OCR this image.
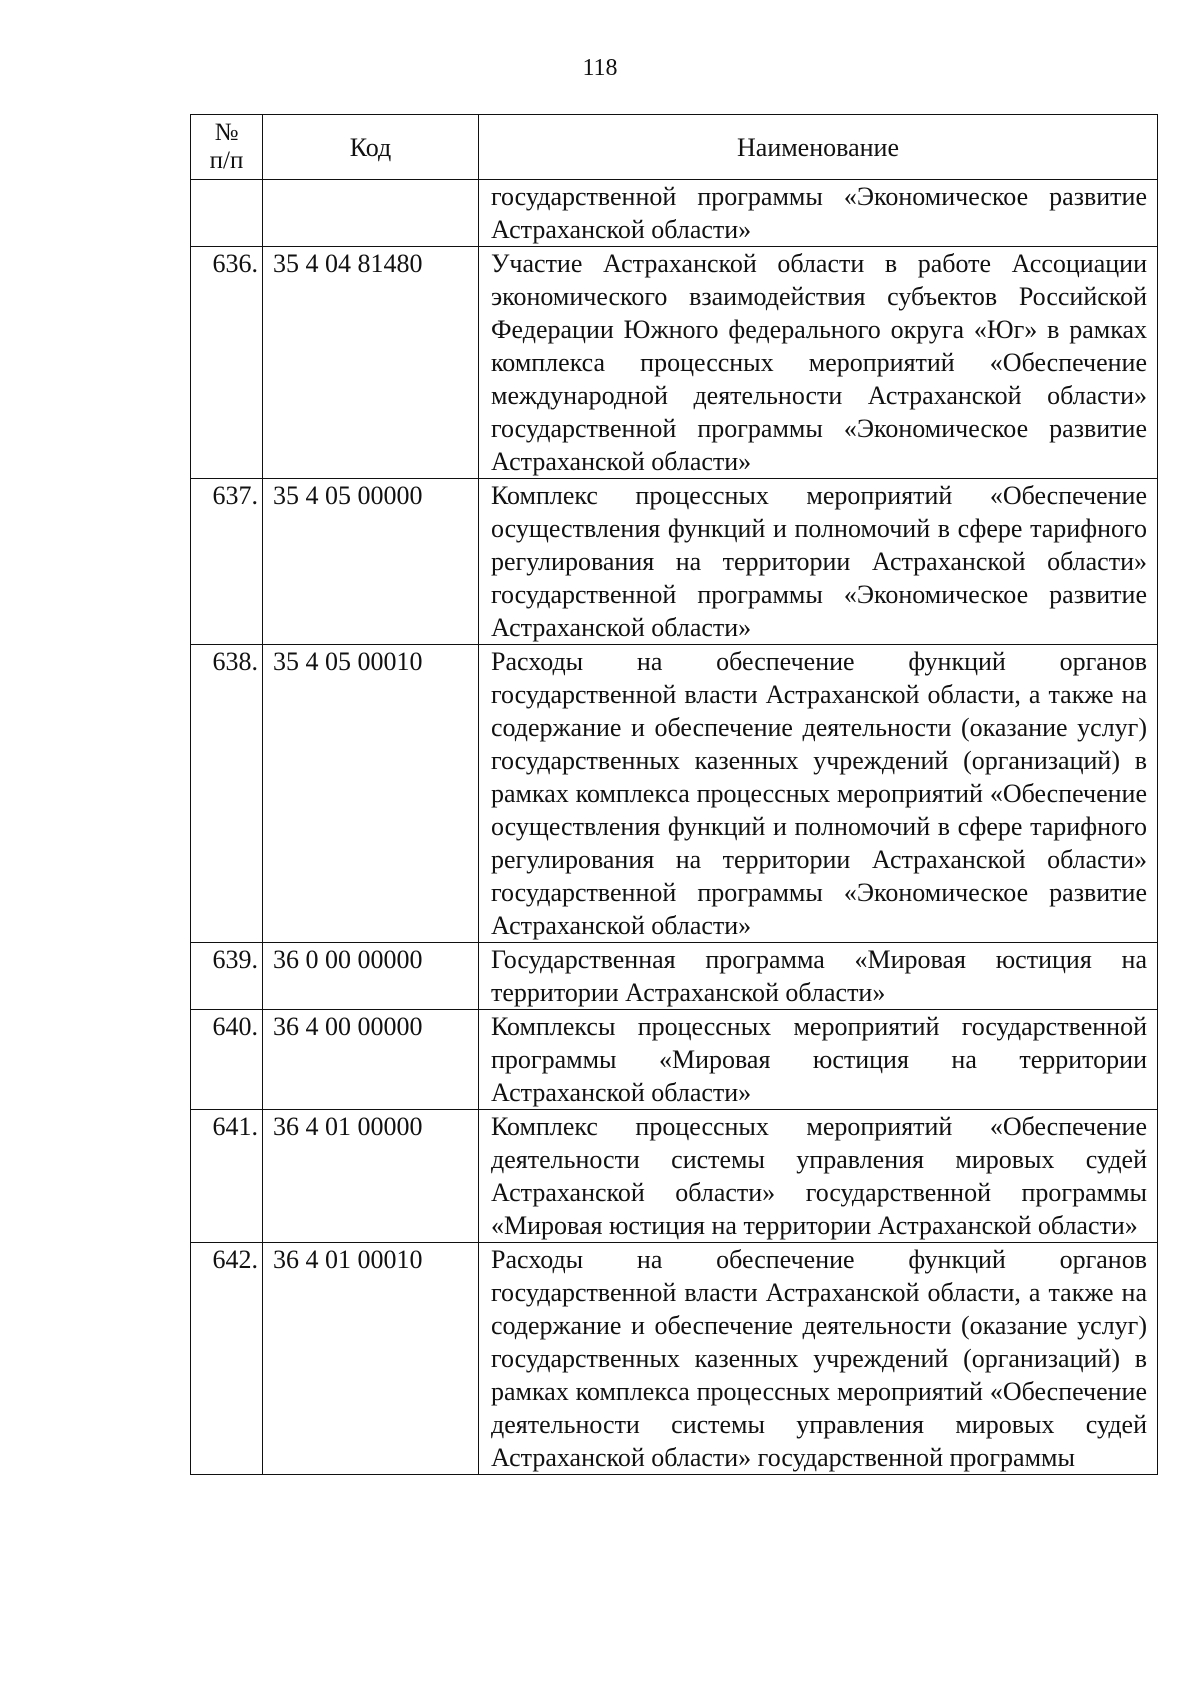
118
№
п/п	Код	Наименование
		государственной программы «Экономическое развитие Астраханской области»
636.	35 4 04 81480	Участие Астраханской области в работе Ассоциации экономического взаимодействия субъектов Российской Федерации Южного федерального округа «Юг» в рамках комплекса процессных мероприятий «Обеспечение международной деятельности Астраханской области» государственной программы «Экономическое развитие Астраханской области»
637.	35 4 05 00000	Комплекс процессных мероприятий «Обеспечение осуществления функций и полномочий в сфере тарифного регулирования на территории Астраханской области» государственной программы «Экономическое развитие Астраханской области»
638.	35 4 05 00010	Расходы на обеспечение функций органов государственной власти Астраханской области, а также на содержание и обеспечение деятельности (оказание услуг) государственных казенных учреждений (организаций) в рамках комплекса процессных мероприятий «Обеспечение осуществления функций и полномочий в сфере тарифного регулирования на территории Астраханской области» государственной программы «Экономическое развитие Астраханской области»
639.	36 0 00 00000	Государственная программа «Мировая юстиция на территории Астраханской области»
640.	36 4 00 00000	Комплексы процессных мероприятий государственной программы «Мировая юстиция на территории Астраханской области»
641.	36 4 01 00000	Комплекс процессных мероприятий «Обеспечение деятельности системы управления мировых судей Астраханской области» государственной программы «Мировая юстиция на территории Астраханской области»
642.	36 4 01 00010	Расходы на обеспечение функций органов государственной власти Астраханской области, а также на содержание и обеспечение деятельности (оказание услуг) государственных казенных учреждений (организаций) в рамках комплекса процессных мероприятий «Обеспечение деятельности системы управления мировых судей Астраханской области» государственной программы
